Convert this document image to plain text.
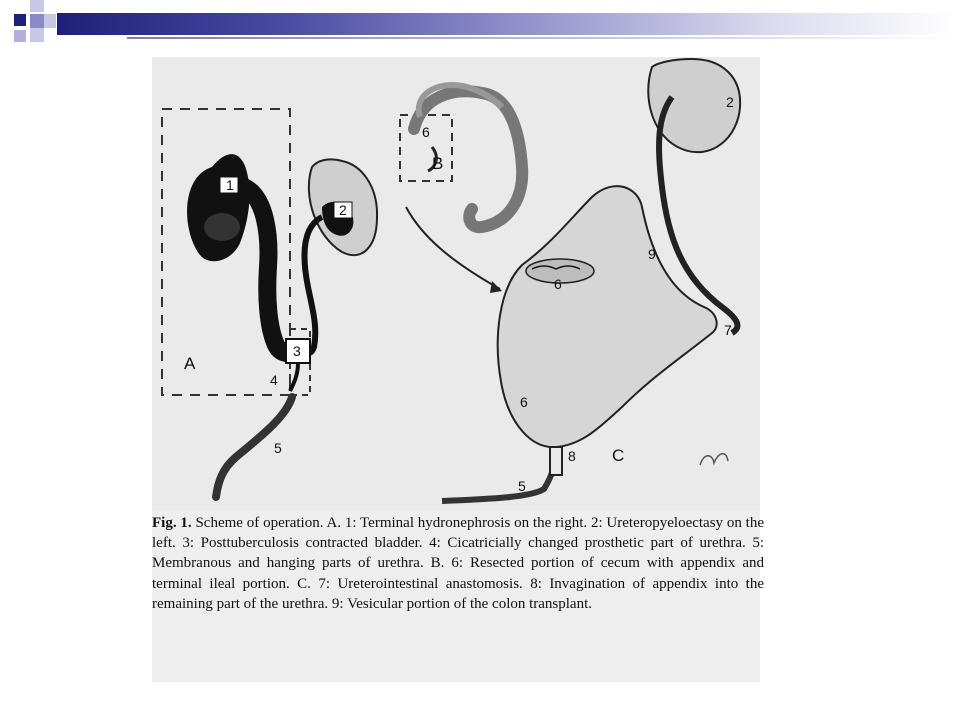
1
2
2
3
4
5
5
6
6
6
7
8
9
A
B
C
Fig. 1. Scheme of operation. A. 1: Terminal hydronephrosis on the right. 2: Ureteropyeloectasy on the left. 3: Posttuberculosis contracted bladder. 4: Cicatricially changed prosthetic part of urethra. 5: Membranous and hanging parts of urethra. B. 6: Resected portion of cecum with appendix and terminal ileal portion. C. 7: Ureterointestinal anastomosis. 8: Invagination of appendix into the remaining part of the urethra. 9: Vesicular portion of the colon transplant.
